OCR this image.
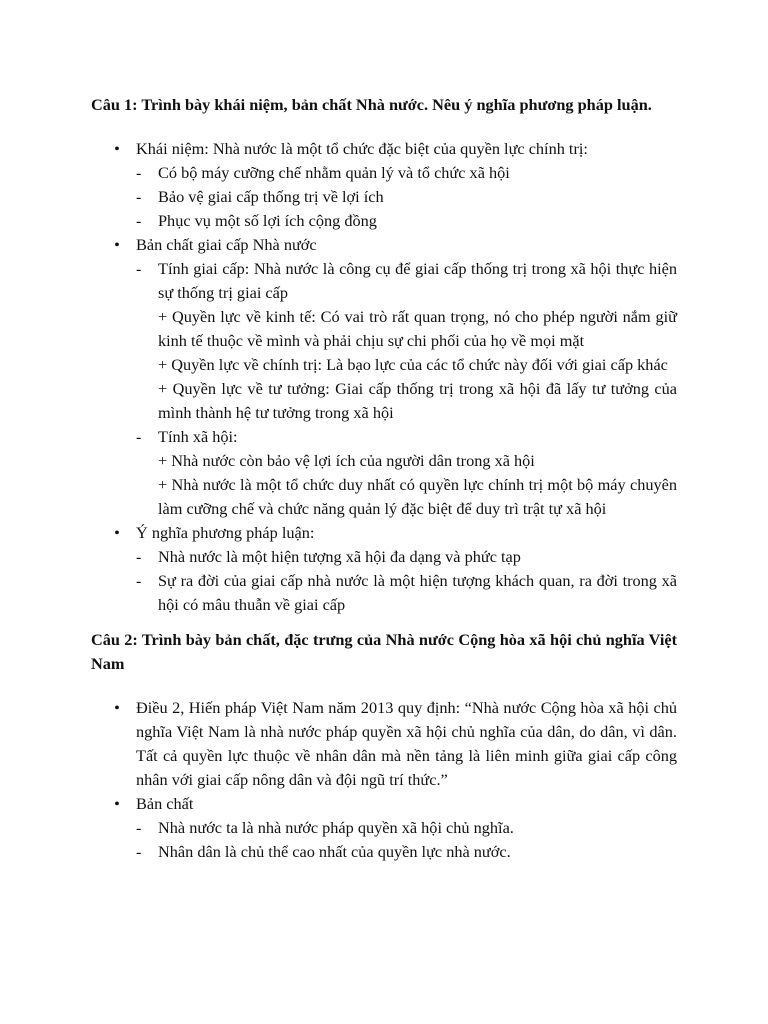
Câu 1: Trình bày khái niệm, bản chất Nhà nước. Nêu ý nghĩa phương pháp luận.

• Khái niệm: Nhà nước là một tổ chức đặc biệt của quyền lực chính trị:
- Có bộ máy cưỡng chế nhằm quản lý và tổ chức xã hội
- Bảo vệ giai cấp thống trị về lợi ích
- Phục vụ một số lợi ích cộng đồng
• Bản chất giai cấp Nhà nước
- Tính giai cấp: Nhà nước là công cụ để giai cấp thống trị trong xã hội thực hiện sự thống trị giai cấp
+ Quyền lực về kinh tế: Có vai trò rất quan trọng, nó cho phép người nắm giữ kinh tế thuộc về mình và phải chịu sự chi phối của họ về mọi mặt
+ Quyền lực về chính trị: Là bạo lực của các tổ chức này đối với giai cấp khác
+ Quyền lực về tư tưởng: Giai cấp thống trị trong xã hội đã lấy tư tưởng của mình thành hệ tư tưởng trong xã hội
- Tính xã hội:
+ Nhà nước còn bảo vệ lợi ích của người dân trong xã hội
+ Nhà nước là một tổ chức duy nhất có quyền lực chính trị một bộ máy chuyên làm cưỡng chế và chức năng quản lý đặc biệt để duy trì trật tự xã hội
• Ý nghĩa phương pháp luận:
- Nhà nước là một hiện tượng xã hội đa dạng và phức tạp
- Sự ra đời của giai cấp nhà nước là một hiện tượng khách quan, ra đời trong xã hội có mâu thuẫn về giai cấp

Câu 2: Trình bày bản chất, đặc trưng của Nhà nước Cộng hòa xã hội chủ nghĩa Việt Nam

• Điều 2, Hiến pháp Việt Nam năm 2013 quy định: “Nhà nước Cộng hòa xã hội chủ nghĩa Việt Nam là nhà nước pháp quyền xã hội chủ nghĩa của dân, do dân, vì dân. Tất cả quyền lực thuộc về nhân dân mà nền tảng là liên minh giữa giai cấp công nhân với giai cấp nông dân và đội ngũ trí thức.”
• Bản chất
- Nhà nước ta là nhà nước pháp quyền xã hội chủ nghĩa.
- Nhân dân là chủ thể cao nhất của quyền lực nhà nước.
